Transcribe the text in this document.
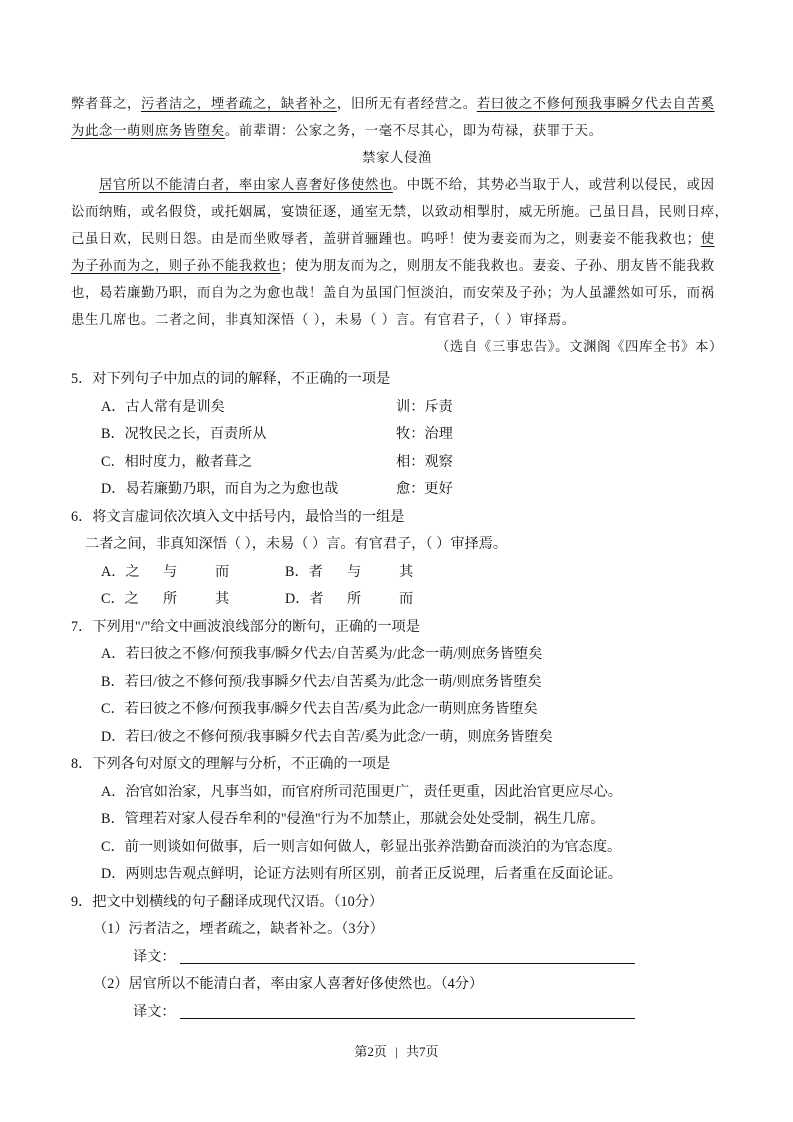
弊者葺之，污者洁之，堙者疏之，缺者补之，旧所无有者经营之。若曰彼之不修何预我事瞬夕代去自苦奚
为此念一萌则庶务皆堕矣。前辈谓：公家之务，一毫不尽其心，即为苟禄，获罪于天。
禁家人侵渔
居官所以不能清白者，率由家人喜奢好侈使然也。中既不给，其势必当取于人，或营利以侵民，或因
讼而纳贿，或名假贷，或托姻属，宴馈征逐，通室无禁，以致动相掣肘，威无所施。己虽日昌，民则日瘁，
己虽日欢，民则日怨。由是而坐败辱者，盖骈首骊踵也。呜呼！使为妻妾而为之，则妻妾不能我救也；使
为子孙而为之，则子孙不能我救也；使为朋友而为之，则朋友不能我救也。妻妾、子孙、朋友皆不能我救
也，曷若廉勤乃职，而自为之为愈也哉！盖自为虽国门恒淡泊，而安荣及子孙；为人虽讙然如可乐，而祸
患生几席也。二者之间，非真知深悟（ ），未易（ ）言。有官君子，（ ）审择焉。
（选自《三事忠告》。文渊阁《四库全书》本）
5．对下列句子中加点的词的解释，不正确的一项是
A．古人常有是训矣	训：斥责
B．况牧民之长，百责所从	牧：治理
C．相时度力，敝者葺之	相：观察
D．曷若廉勤乃职，而自为之为愈也哉	愈：更好
6．将文言虚词依次填入文中括号内，最恰当的一组是
二者之间，非真知深悟（ ），未易（ ）言。有官君子，（ ）审择焉。
A．之 与	而	B．者 与	其
C．之 所	其	D．者 所	而
7．下列用"/"给文中画波浪线部分的断句，正确的一项是
A．若曰彼之不修/何预我事/瞬夕代去/自苦奚为/此念一萌/则庶务皆堕矣
B．若曰/彼之不修何预/我事瞬夕代去/自苦奚为/此念一萌/则庶务皆堕矣
C．若曰彼之不修/何预我事/瞬夕代去自苦/奚为此念/一萌则庶务皆堕矣
D．若曰/彼之不修何预/我事瞬夕代去自苦/奚为此念/一萌，则庶务皆堕矣
8．下列各句对原文的理解与分析，不正确的一项是
A．治官如治家，凡事当如，而官府所司范围更广，责任更重，因此治官更应尽心。
B．管理若对家人侵吞牟利的"侵渔"行为不加禁止，那就会处处受制，祸生几席。
C．前一则谈如何做事，后一则言如何做人，彰显出张养浩勤奋而淡泊的为官态度。
D．两则忠告观点鲜明，论证方法则有所区别，前者正反说理，后者重在反面论证。
9．把文中划横线的句子翻译成现代汉语。（10分）
（1）污者洁之，堙者疏之，缺者补之。（3分）
译文：
（2）居官所以不能清白者，率由家人喜奢好侈使然也。（4分）
译文：
第2页 | 共7页
